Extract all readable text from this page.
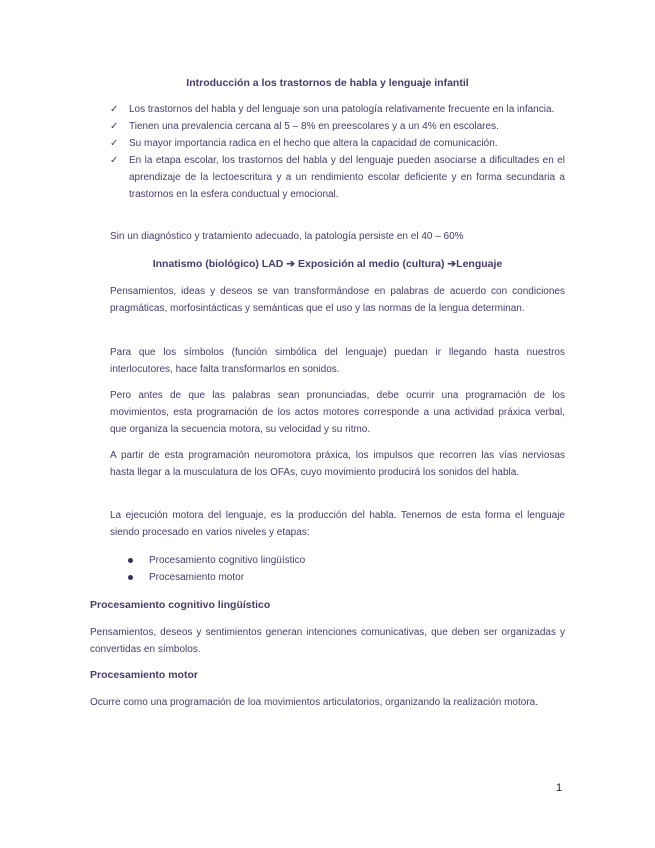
Introducción a los trastornos de habla y lenguaje infantil
✓ Los trastornos del habla y del lenguaje son una patología relativamente frecuente en la infancia.
✓ Tienen una prevalencia cercana al 5 – 8% en preescolares y a un 4% en escolares.
✓ Su mayor importancia radica en el hecho que altera la capacidad de comunicación.
✓ En la etapa escolar, los trastornos del habla y del lenguaje pueden asociarse a dificultades en el aprendizaje de la lectoescritura y a un rendimiento escolar deficiente y en forma secundaria a trastornos en la esfera conductual y emocional.
Sin un diagnóstico y tratamiento adecuado, la patología persiste en el 40 – 60%
Innatismo (biológico) LAD ➔ Exposición al medio (cultura) ➔Lenguaje
Pensamientos, ideas y deseos se van transformándose en palabras de acuerdo con condiciones pragmáticas, morfosintácticas y semánticas que el uso y las normas de la lengua determinan.
Para que los símbolos (función simbólica del lenguaje) puedan ir llegando hasta nuestros interlocutores, hace falta transformarlos en sonidos.
Pero antes de que las palabras sean pronunciadas, debe ocurrir una programación de los movimientos, esta programación de los actos motores corresponde a una actividad práxica verbal, que organiza la secuencia motora, su velocidad y su ritmo.
A partir de esta programación neuromotora práxica, los impulsos que recorren las vías nerviosas hasta llegar a la musculatura de los OFAs, cuyo movimiento producirá los sonidos del habla.
La ejecución motora del lenguaje, es la producción del habla. Tenemos de esta forma el lenguaje siendo procesado en varios niveles y etapas:
Procesamiento cognitivo lingüístico
Procesamiento motor
Procesamiento cognitivo lingüístico
Pensamientos, deseos y sentimientos generan intenciones comunicativas, que deben ser organizadas y convertidas en símbolos.
Procesamiento motor
Ocurre como una programación de loa movimientos articulatorios, organizando la realización motora.
1
